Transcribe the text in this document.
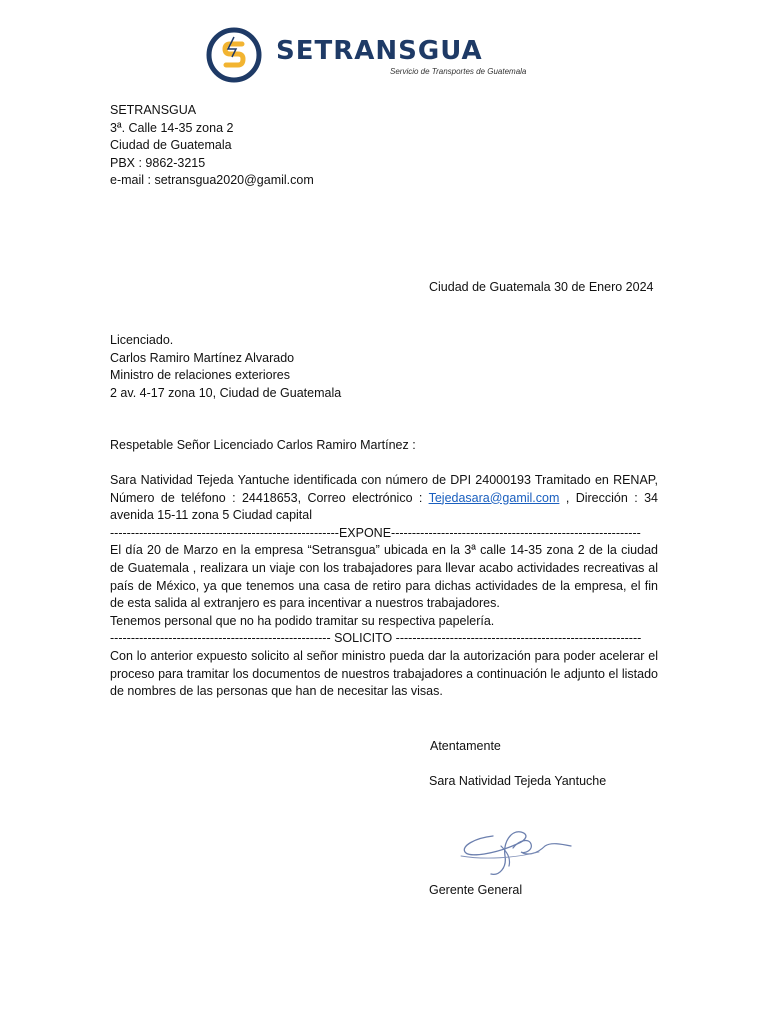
SETRANSGUA
Servicio de Transportes de Guatemala
SETRANSGUA
3ª. Calle 14-35 zona 2
Ciudad de Guatemala
PBX : 9862-3215
e-mail : setransgua2020@gamil.com
Ciudad de Guatemala 30 de Enero 2024
Licenciado.
Carlos Ramiro Martínez Alvarado
Ministro de relaciones exteriores
2 av. 4-17 zona 10, Ciudad de Guatemala
Respetable Señor Licenciado Carlos Ramiro Martínez :

Sara Natividad Tejeda Yantuche identificada con número de DPI 24000193 Tramitado en RENAP, Número de teléfono : 24418653, Correo electrónico : Tejedasara@gamil.com , Dirección : 34 avenida 15-11 zona 5 Ciudad capital

-------------------------------------------------------EXPONE------------------------------------------------------------

El día 20 de Marzo en la empresa “Setransgua” ubicada en la 3ª calle 14-35 zona 2 de la ciudad de Guatemala , realizara un viaje con los trabajadores para llevar acabo actividades recreativas al país de México, ya que tenemos una casa de retiro para dichas actividades de la empresa, el fin de esta salida al extranjero es para incentivar a nuestros trabajadores.

Tenemos personal que no ha podido tramitar su respectiva papelería.

----------------------------------------------------- SOLICITO -----------------------------------------------------------

Con lo anterior expuesto solicito al señor ministro pueda dar la autorización para poder acelerar el proceso para tramitar los documentos de nuestros trabajadores a continuación le adjunto el listado de nombres de las personas que han de necesitar las visas.

Atentamente
Sara Natividad Tejeda Yantuche
Gerente General
